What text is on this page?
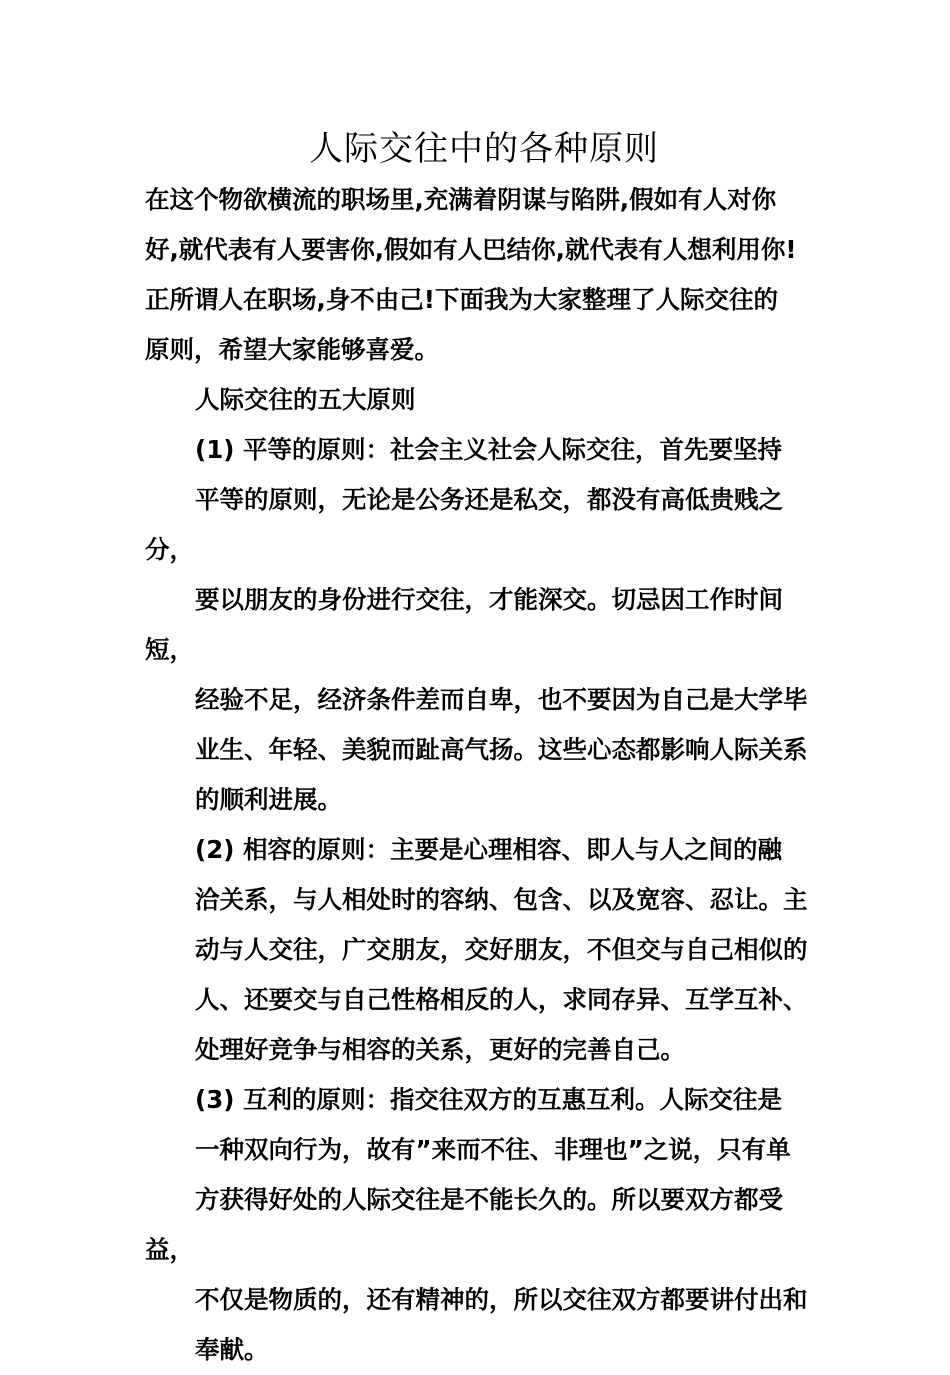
人际交往中的各种原则
在这个物欲横流的职场里,充满着阴谋与陷阱,假如有人对你
好,就代表有人要害你,假如有人巴结你,就代表有人想利用你!
正所谓人在职场,身不由己!下面我为大家整理了人际交往的
原则，希望大家能够喜爱。
人际交往的五大原则
(1) 平等的原则：社会主义社会人际交往，首先要坚持
平等的原则，无论是公务还是私交，都没有高低贵贱之分，
要以朋友的身份进行交往，才能深交。切忌因工作时间 短，
经验不足，经济条件差而自卑，也不要因为自己是大学毕
业生、年轻、美貌而趾高气扬。这些心态都影响人际关系
的顺利进展。
(2) 相容的原则：主要是心理相容、即人与人之间的融
洽关系，与人相处时的容纳、包含、以及宽容、忍让。主
动与人交往，广交朋友，交好朋友，不但交与自己相似的
人、还要交与自己性格相反的人，求同存异、互学互补、
处理好竞争与相容的关系，更好的完善自己。
(3) 互利的原则：指交往双方的互惠互利。人际交往是
一种双向行为，故有”来而不往、非理也”之说，只有单
方获得好处的人际交往是不能长久的。所以要双方都受益，
不仅是物质的，还有精神的，所以交往双方都要讲付出和
奉献。
